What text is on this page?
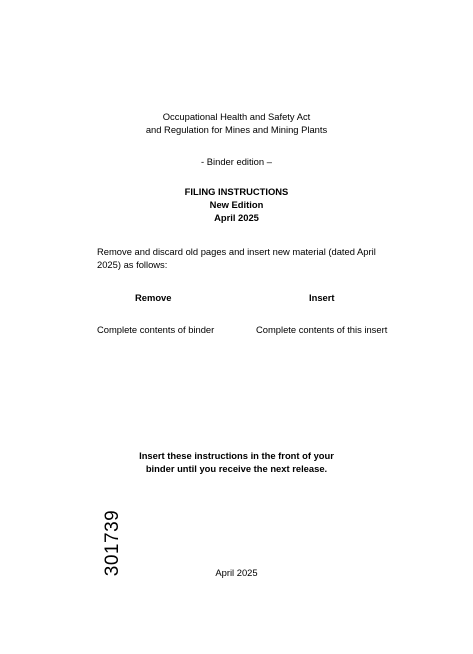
Occupational Health and Safety Act
and Regulation for Mines and Mining Plants
- Binder edition –
FILING INSTRUCTIONS
New Edition
April 2025
Remove and discard old pages and insert new material (dated April 2025) as follows:
Remove	Insert
Complete contents of binder	Complete contents of this insert
Insert these instructions in the front of your
binder until you receive the next release.
301739	April 2025
